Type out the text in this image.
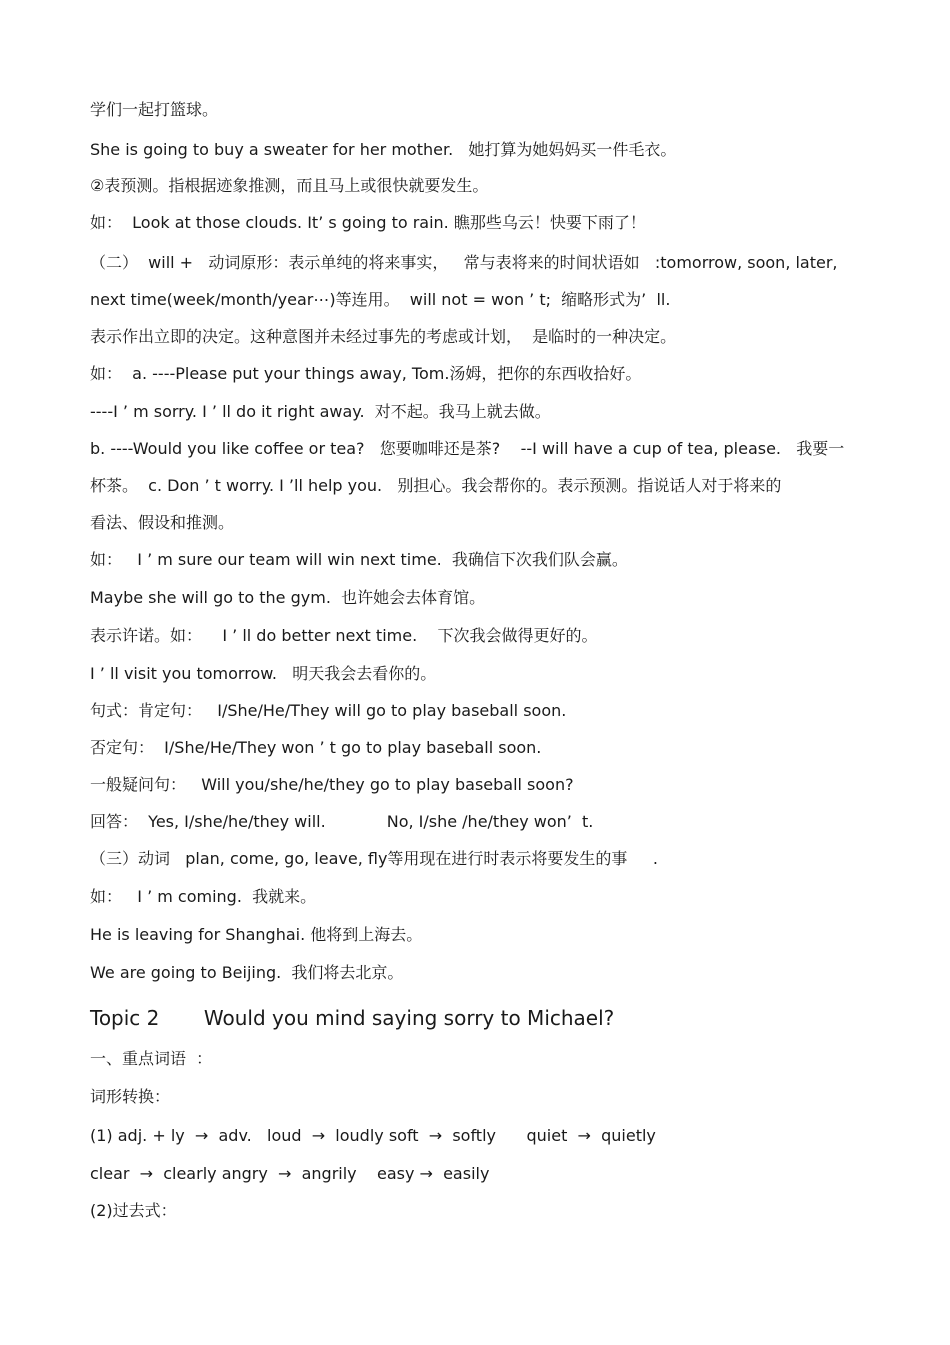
学们一起打篮球。
She is going to buy a sweater for her mother.   她打算为她妈妈买一件毛衣。
②表预测。指根据迹象推测，而且马上或很快就要发生。
如：  Look at those clouds. It’ s going to rain. 瞧那些乌云！快要下雨了！
（二）  will +   动词原形：表示单纯的将来事实，   常与表将来的时间状语如   :tomorrow, soon, later,
next time(week/month/year⋯)等连用。  will not = won ’ t;  缩略形式为’  ll.
表示作出立即的决定。这种意图并未经过事先的考虑或计划，  是临时的一种决定。
如：  a. ----Please put your things away, Tom.汤姆，把你的东西收拾好。
----I ’ m sorry. I ’ ll do it right away.  对不起。我马上就去做。
b. ----Would you like coffee or tea?   您要咖啡还是茶?    --I will have a cup of tea, please.   我要一
杯茶。  c. Don ’ t worry. I ’ll help you.   别担心。我会帮你的。表示预测。指说话人对于将来的
看法、假设和推测。
如：   I ’ m sure our team will win next time.  我确信下次我们队会赢。
Maybe she will go to the gym.  也许她会去体育馆。
表示许诺。如：    I ’ ll do better next time.    下次我会做得更好的。
I ’ ll visit you tomorrow.   明天我会去看你的。
句式：肯定句：   I/She/He/They will go to play baseball soon.
否定句：  I/She/He/They won ’ t go to play baseball soon.
一般疑问句：   Will you/she/he/they go to play baseball soon?
回答：  Yes, I/she/he/they will.            No, I/she /he/they won’  t.
（三）动词   plan, come, go, leave, fly等用现在进行时表示将要发生的事     .
如：   I ’ m coming.  我就来。
He is leaving for Shanghai. 他将到上海去。
We are going to Beijing.  我们将去北京。
Topic 2       Would you mind saying sorry to Michael?
一、重点词语  ：
词形转换：
(1) adj. + ly  →  adv.   loud  →  loudly soft  →  softly      quiet  →  quietly
clear  →  clearly angry  →  angrily    easy →  easily
(2)过去式：
